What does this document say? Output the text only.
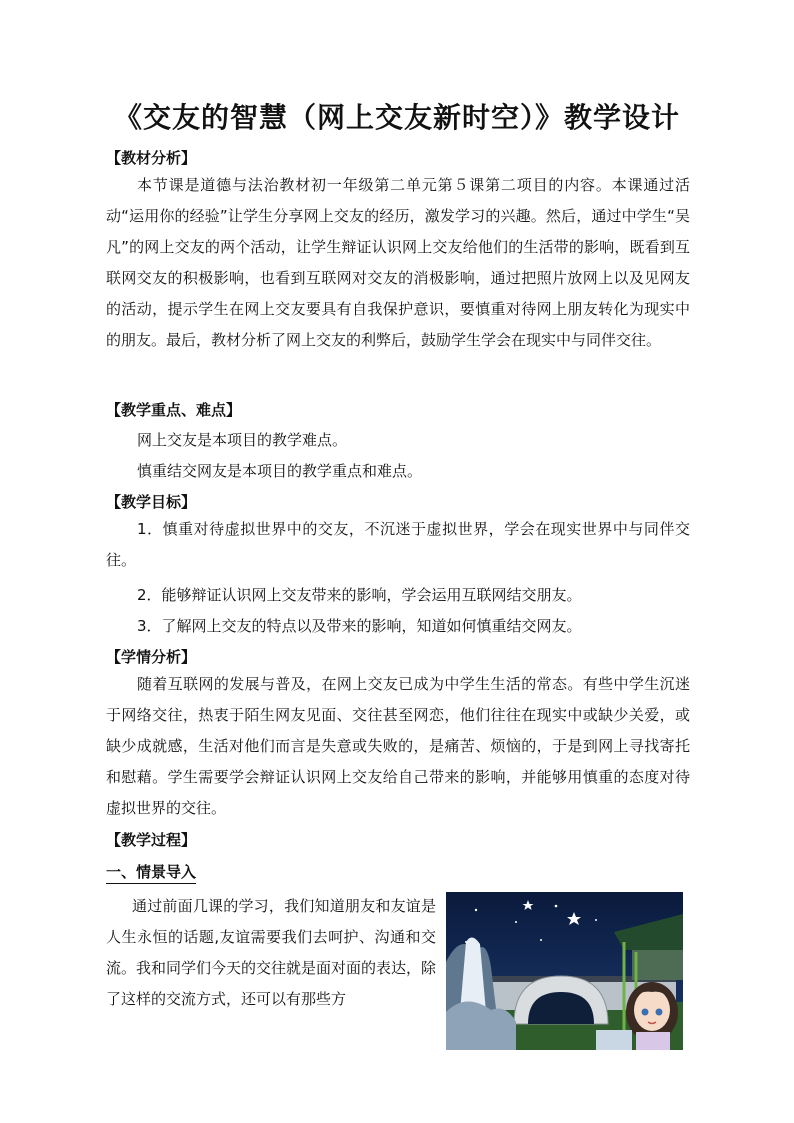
《交友的智慧（网上交友新时空）》教学设计
【教材分析】

本节课是道德与法治教材初一年级第二单元第５课第二项目的内容。本课通过活动“运用你的经验”让学生分享网上交友的经历，激发学习的兴趣。然后，通过中学生“吴凡”的网上交友的两个活动，让学生辩证认识网上交友给他们的生活带的影响，既看到互联网交友的积极影响，也看到互联网对交友的消极影响，通过把照片放网上以及见网友的活动，提示学生在网上交友要具有自我保护意识，要慎重对待网上朋友转化为现实中的朋友。最后，教材分析了网上交友的利弊后，鼓励学生学会在现实中与同伴交往。

【教学重点、难点】
网上交友是本项目的教学难点。
慎重结交网友是本项目的教学重点和难点。
【教学目标】

1．慎重对待虚拟世界中的交友，不沉迷于虚拟世界，学会在现实世界中与同伴交往。

2．能够辩证认识网上交友带来的影响，学会运用互联网结交朋友。
3．了解网上交友的特点以及带来的影响，知道如何慎重结交网友。
【学情分析】

随着互联网的发展与普及，在网上交友已成为中学生生活的常态。有些中学生沉迷于网络交往，热衷于陌生网友见面、交往甚至网恋，他们往往在现实中或缺少关爱，或缺少成就感，生活对他们而言是失意或失败的，是痛苦、烦恼的，于是到网上寻找寄托和慰藉。学生需要学会辩证认识网上交友给自己带来的影响，并能够用慎重的态度对待虚拟世界的交往。

【教学过程】
一、情景导入

通过前面几课的学习，我们知道朋友和友谊是人生永恒的话题,友谊需要我们去呵护、沟通和交流。我和同学们今天的交往就是面对面的表达，除了这样的交流方式，还可以有那些方
